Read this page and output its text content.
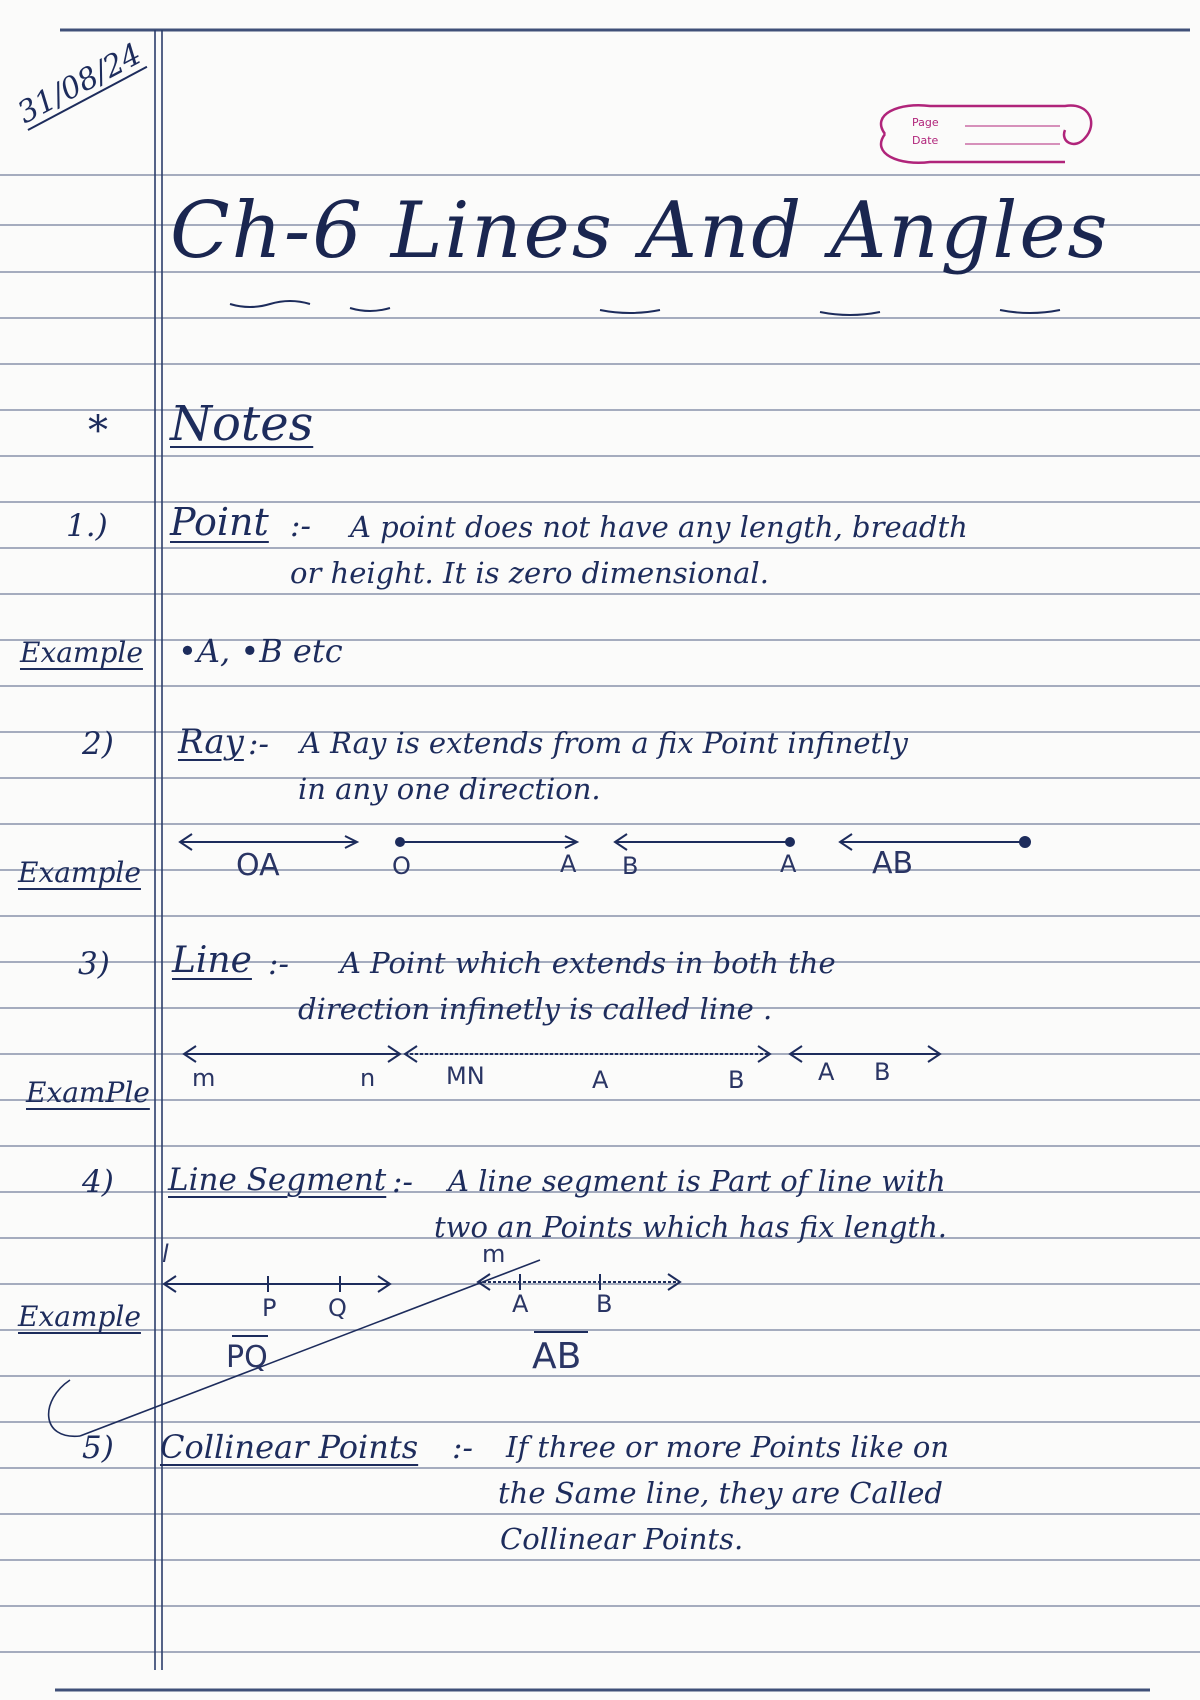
31/08/24	Page
Date
Ch-6 Lines And Angles
* Notes
1.) Point :- A point does not have any length, breadth
or height. It is zero dimensional.
Example •A, •B etc
2) Ray :- A Ray is extends from a fix Point infinetly
in any one direction.
Example	OA	O	A B	A	AB
3) Line :- A Point which extends in both the
direction infinetly is called line .
ExamPle m	n	MN	A	B	A B
4) Line Segment :- A line segment is Part of line with
two an Points which has fix length.
Example
l
P Q
PQ
m
A	B
AB
5) Collinear Points :- If three or more Points like on
the Same line, they are Called
Collinear Points.
